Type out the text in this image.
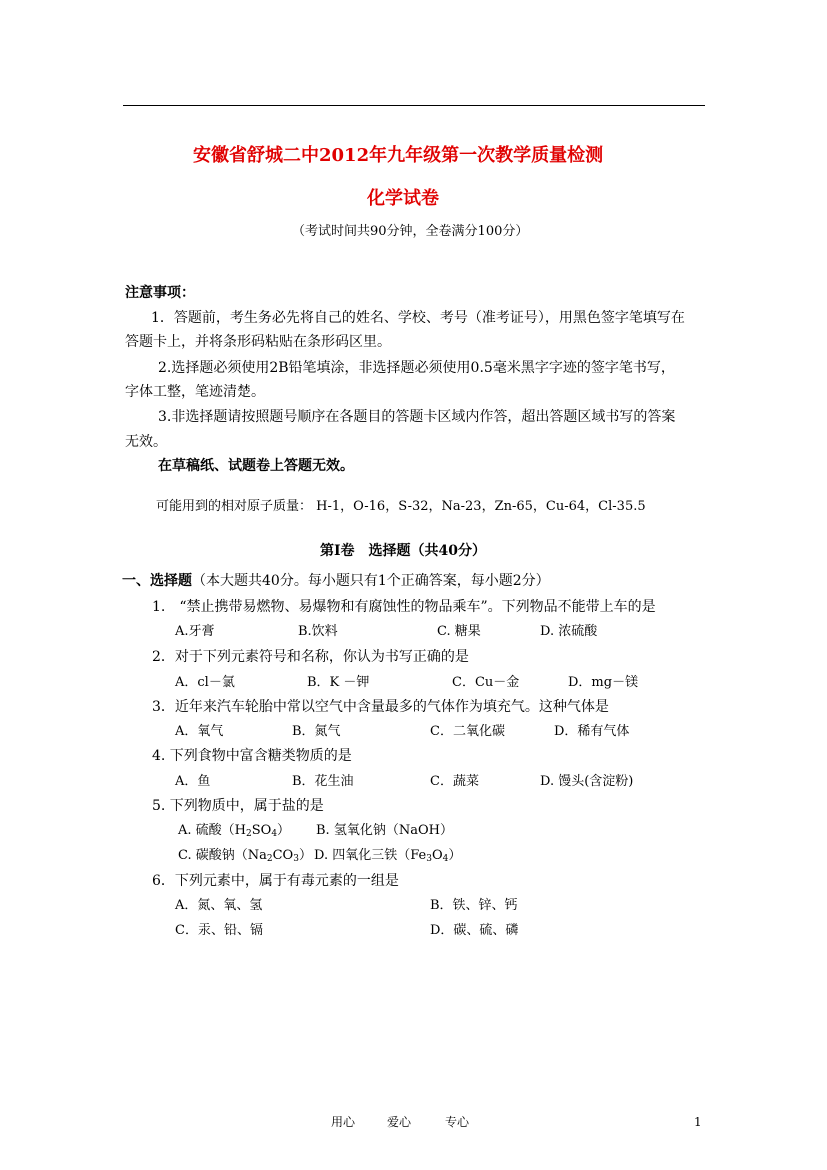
安徽省舒城二中2012年九年级第一次教学质量检测
化学试卷
（考试时间共90分钟，全卷满分100分）
注意事项：
1．答题前，考生务必先将自己的姓名、学校、考号（准考证号），用黑色签字笔填写在
答题卡上，并将条形码粘贴在条形码区里。
2.选择题必须使用2B铅笔填涂，非选择题必须使用0.5毫米黑字字迹的签字笔书写，
字体工整，笔迹清楚。
3.非选择题请按照题号顺序在各题目的答题卡区域内作答，超出答题区域书写的答案
无效。
在草稿纸、试题卷上答题无效。
可能用到的相对原子质量： H-1，O-16，S-32，Na-23，Zn-65，Cu-64，Cl-35.5
第Ⅰ卷　选择题（共40分）
一、选择题（本大题共40分。每小题只有1个正确答案，每小题2分）
1.　“禁止携带易燃物、易爆物和有腐蚀性的物品乘车”。下列物品不能带上车的是
A.牙膏	B.饮料	C. 糖果	D. 浓硫酸
2．对于下列元素符号和名称，你认为书写正确的是
A．cl－氯	B．K －钾	C．Cu－金	D．mg－镁
3．近年来汽车轮胎中常以空气中含量最多的气体作为填充气。这种气体是
A．氧气	B．氮气	C．二氧化碳	D．稀有气体
4. 下列食物中富含糖类物质的是
A．鱼	B．花生油	C．蔬菜	D. 馒头(含淀粉)
5. 下列物质中，属于盐的是
A. 硫酸$(H_2SO_4)$ B. 氢氧化钠（NaOH）
C. 碳酸钠$(Na_2CO_3)$ D. 四氧化三铁$(Fe_3O_4)$
6．下列元素中，属于有毒元素的一组是
A．氮、氧、氢	B．铁、锌、钙
C．汞、铅、镉	D．碳、硫、磷
用心	爱心	专心	1
